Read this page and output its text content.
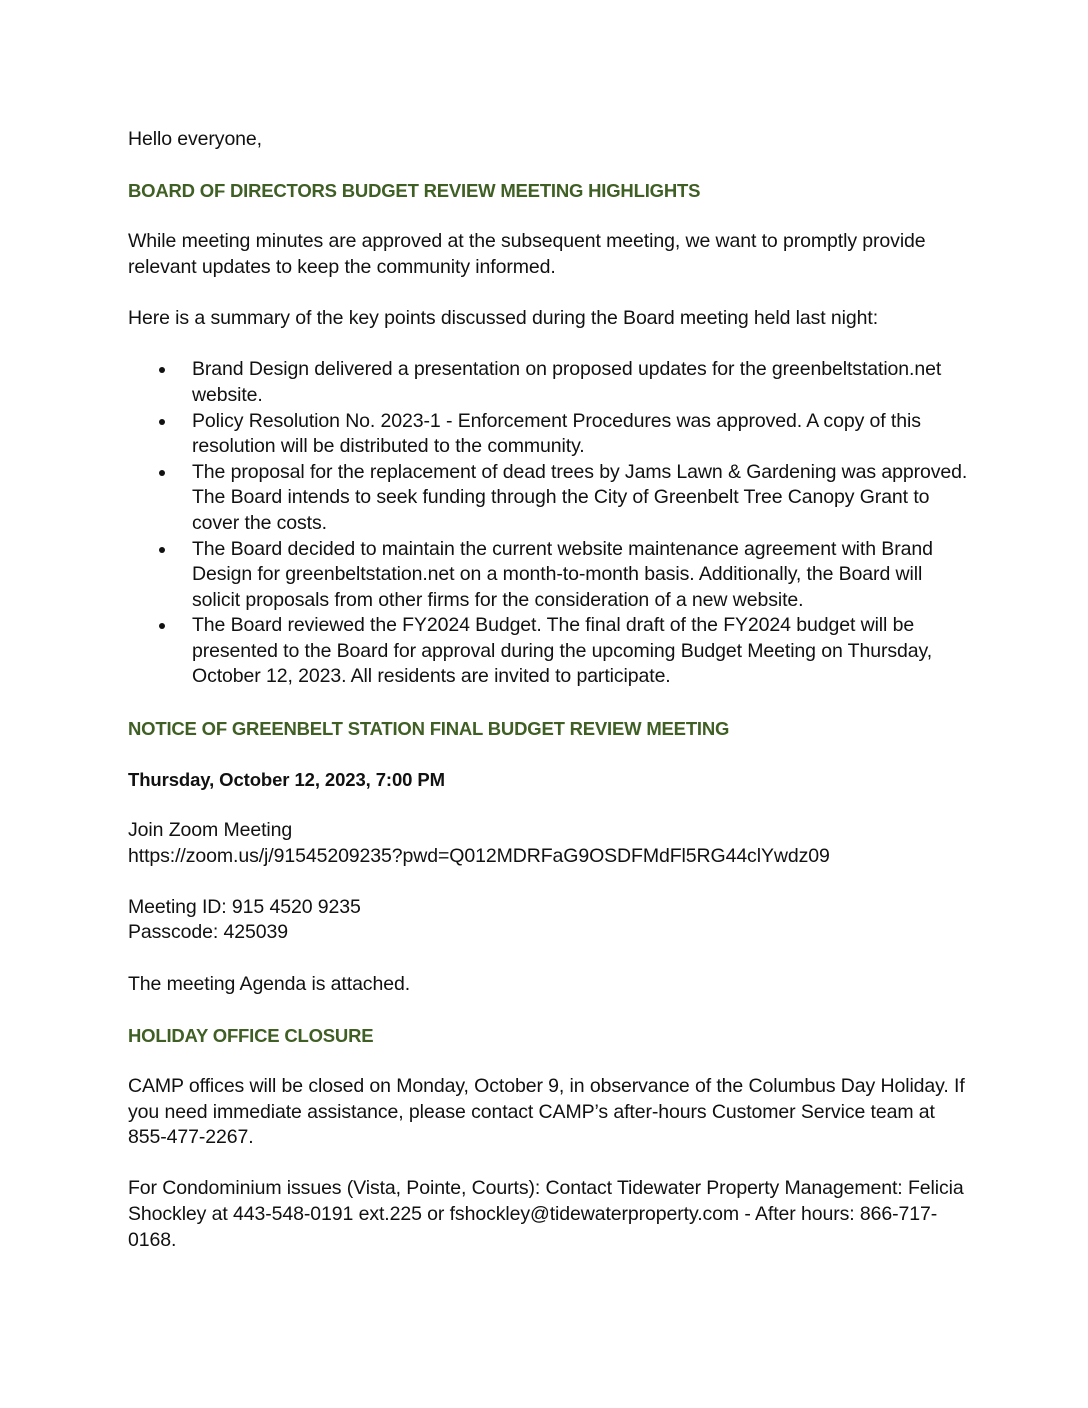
Hello everyone,

BOARD OF DIRECTORS BUDGET REVIEW MEETING HIGHLIGHTS

While meeting minutes are approved at the subsequent meeting, we want to promptly provide relevant updates to keep the community informed.

Here is a summary of the key points discussed during the Board meeting held last night:

Brand Design delivered a presentation on proposed updates for the greenbeltstation.net website.
Policy Resolution No. 2023-1 - Enforcement Procedures was approved. A copy of this resolution will be distributed to the community.
The proposal for the replacement of dead trees by Jams Lawn & Gardening was approved. The Board intends to seek funding through the City of Greenbelt Tree Canopy Grant to cover the costs.
The Board decided to maintain the current website maintenance agreement with Brand Design for greenbeltstation.net on a month-to-month basis. Additionally, the Board will solicit proposals from other firms for the consideration of a new website.
The Board reviewed the FY2024 Budget. The final draft of the FY2024 budget will be presented to the Board for approval during the upcoming Budget Meeting on Thursday, October 12, 2023. All residents are invited to participate.
NOTICE OF GREENBELT STATION FINAL BUDGET REVIEW MEETING

Thursday, October 12, 2023, 7:00 PM

Join Zoom Meeting
https://zoom.us/j/91545209235?pwd=Q012MDRFaG9OSDFMdFl5RG44clYwdz09

Meeting ID: 915 4520 9235
Passcode: 425039

The meeting Agenda is attached.

HOLIDAY OFFICE CLOSURE

CAMP offices will be closed on Monday, October 9, in observance of the Columbus Day Holiday. If you need immediate assistance, please contact CAMP’s after-hours Customer Service team at 855-477-2267.

For Condominium issues (Vista, Pointe, Courts): Contact Tidewater Property Management: Felicia Shockley at 443-548-0191 ext.225 or fshockley@tidewaterproperty.com - After hours: 866-717-0168.
